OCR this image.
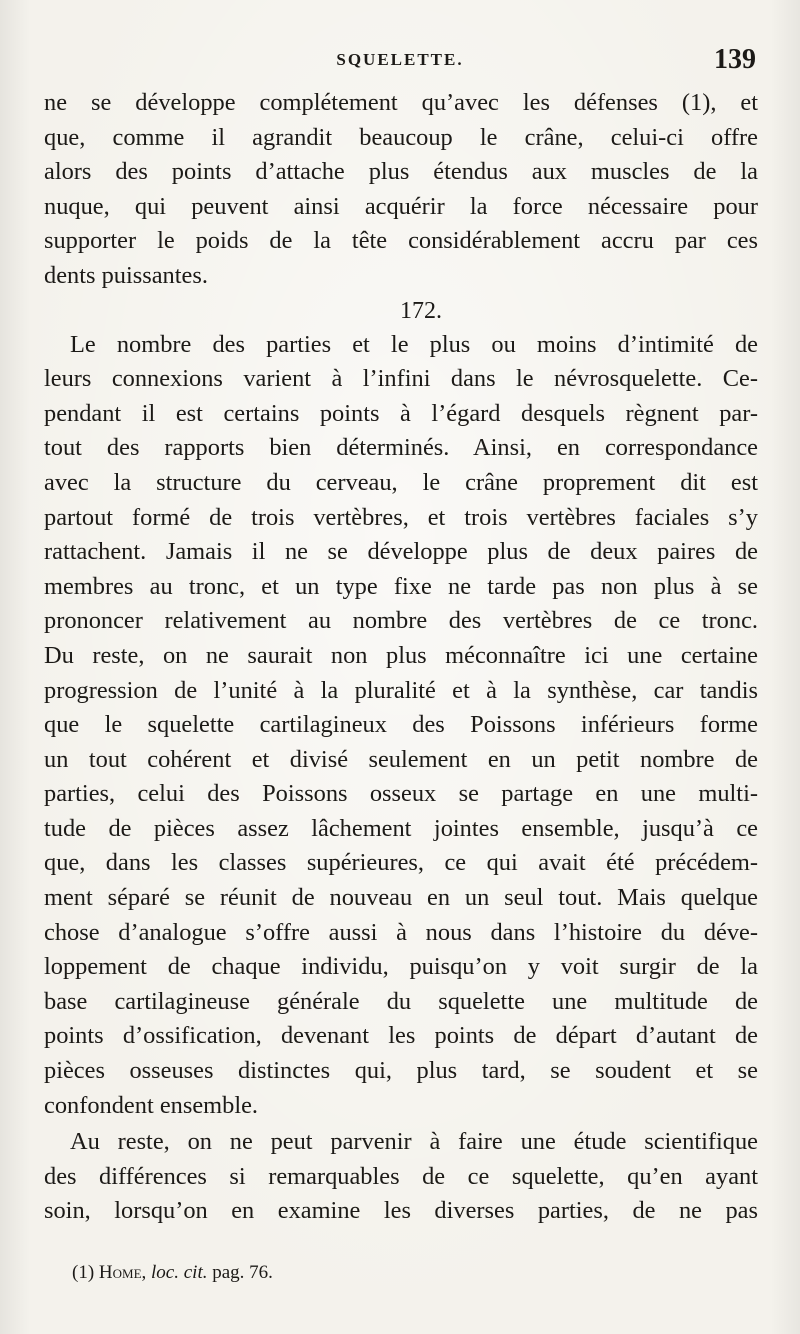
SQUELETTE.	139
ne se développe complétement qu’avec les défenses (1), et
que, comme il agrandit beaucoup le crâne, celui-ci offre
alors des points d’attache plus étendus aux muscles de la
nuque, qui peuvent ainsi acquérir la force nécessaire pour
supporter le poids de la tête considérablement accru par ces
dents puissantes.
172.
Le nombre des parties et le plus ou moins d’intimité de
leurs connexions varient à l’infini dans le névrosquelette. Ce-
pendant il est certains points à l’égard desquels règnent par-
tout des rapports bien déterminés. Ainsi, en correspondance
avec la structure du cerveau, le crâne proprement dit est
partout formé de trois vertèbres, et trois vertèbres faciales s’y
rattachent. Jamais il ne se développe plus de deux paires de
membres au tronc, et un type fixe ne tarde pas non plus à se
prononcer relativement au nombre des vertèbres de ce tronc.
Du reste, on ne saurait non plus méconnaître ici une certaine
progression de l’unité à la pluralité et à la synthèse, car tandis
que le squelette cartilagineux des Poissons inférieurs forme
un tout cohérent et divisé seulement en un petit nombre de
parties, celui des Poissons osseux se partage en une multi-
tude de pièces assez lâchement jointes ensemble, jusqu’à ce
que, dans les classes supérieures, ce qui avait été précédem-
ment séparé se réunit de nouveau en un seul tout. Mais quelque
chose d’analogue s’offre aussi à nous dans l’histoire du déve-
loppement de chaque individu, puisqu’on y voit surgir de la
base cartilagineuse générale du squelette une multitude de
points d’ossification, devenant les points de départ d’autant de
pièces osseuses distinctes qui, plus tard, se soudent et se
confondent ensemble.
Au reste, on ne peut parvenir à faire une étude scientifique
des différences si remarquables de ce squelette, qu’en ayant
soin, lorsqu’on en examine les diverses parties, de ne pas
(1) Home, loc. cit. pag. 76.
